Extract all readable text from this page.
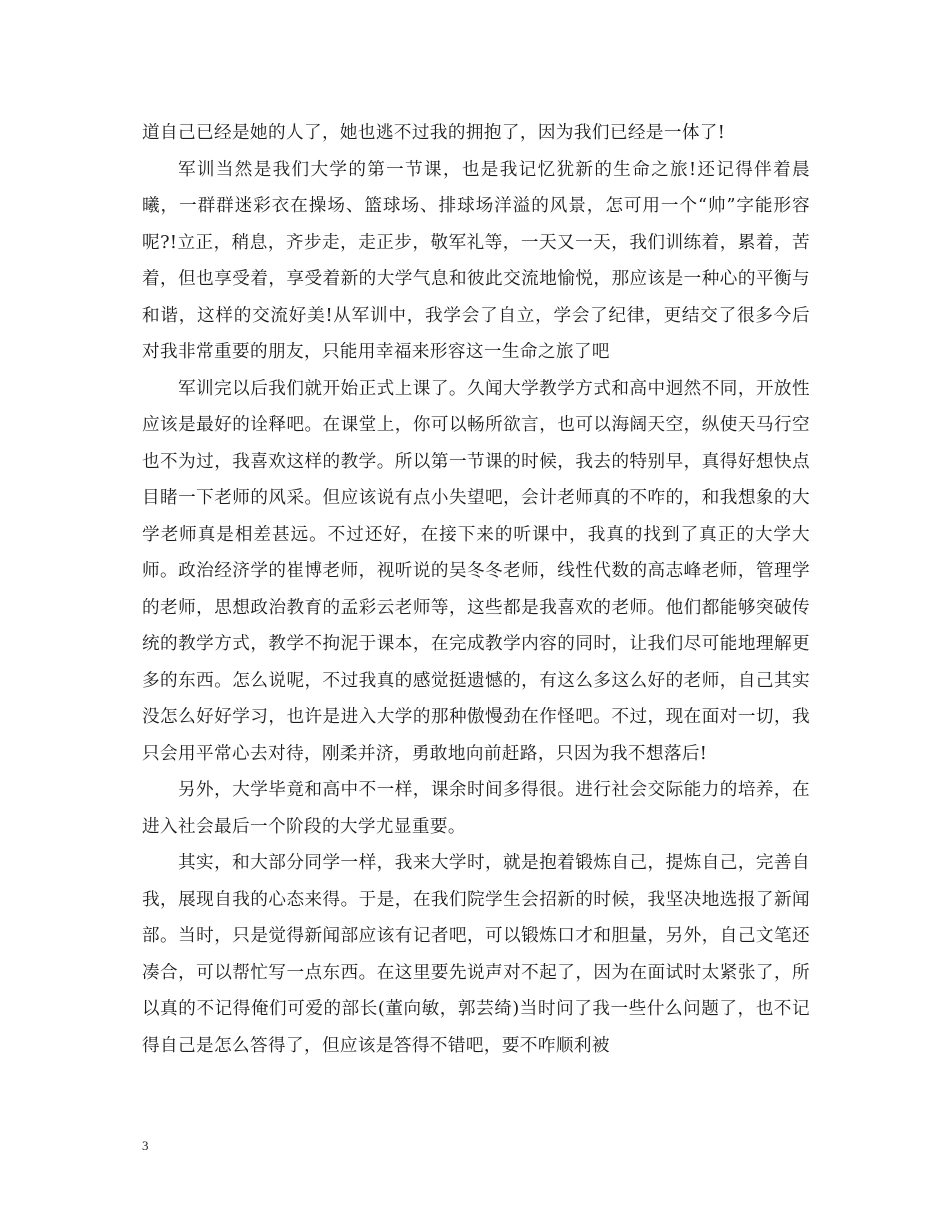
道自己已经是她的人了，她也逃不过我的拥抱了，因为我们已经是一体了!

军训当然是我们大学的第一节课，也是我记忆犹新的生命之旅!还记得伴着晨曦，一群群迷彩衣在操场、篮球场、排球场洋溢的风景，怎可用一个“帅”字能形容呢?!立正，稍息，齐步走，走正步，敬军礼等，一天又一天，我们训练着，累着，苦着，但也享受着，享受着新的大学气息和彼此交流地愉悦，那应该是一种心的平衡与和谐，这样的交流好美!从军训中，我学会了自立，学会了纪律，更结交了很多今后对我非常重要的朋友，只能用幸福来形容这一生命之旅了吧

军训完以后我们就开始正式上课了。久闻大学教学方式和高中迥然不同，开放性应该是最好的诠释吧。在课堂上，你可以畅所欲言，也可以海阔天空，纵使天马行空也不为过，我喜欢这样的教学。所以第一节课的时候，我去的特别早，真得好想快点目睹一下老师的风采。但应该说有点小失望吧，会计老师真的不咋的，和我想象的大学老师真是相差甚远。不过还好，在接下来的听课中，我真的找到了真正的大学大师。政治经济学的崔博老师，视听说的吴冬冬老师，线性代数的高志峰老师，管理学的老师，思想政治教育的孟彩云老师等，这些都是我喜欢的老师。他们都能够突破传统的教学方式，教学不拘泥于课本，在完成教学内容的同时，让我们尽可能地理解更多的东西。怎么说呢，不过我真的感觉挺遗憾的，有这么多这么好的老师，自己其实没怎么好好学习，也许是进入大学的那种傲慢劲在作怪吧。不过，现在面对一切，我只会用平常心去对待，刚柔并济，勇敢地向前赶路，只因为我不想落后!

另外，大学毕竟和高中不一样，课余时间多得很。进行社会交际能力的培养，在进入社会最后一个阶段的大学尤显重要。

其实，和大部分同学一样，我来大学时，就是抱着锻炼自己，提炼自己，完善自我，展现自我的心态来得。于是，在我们院学生会招新的时候，我坚决地选报了新闻部。当时，只是觉得新闻部应该有记者吧，可以锻炼口才和胆量，另外，自己文笔还凑合，可以帮忙写一点东西。在这里要先说声对不起了，因为在面试时太紧张了，所以真的不记得俺们可爱的部长(董向敏，郭芸绮)当时问了我一些什么问题了，也不记得自己是怎么答得了，但应该是答得不错吧，要不咋顺利被

3
